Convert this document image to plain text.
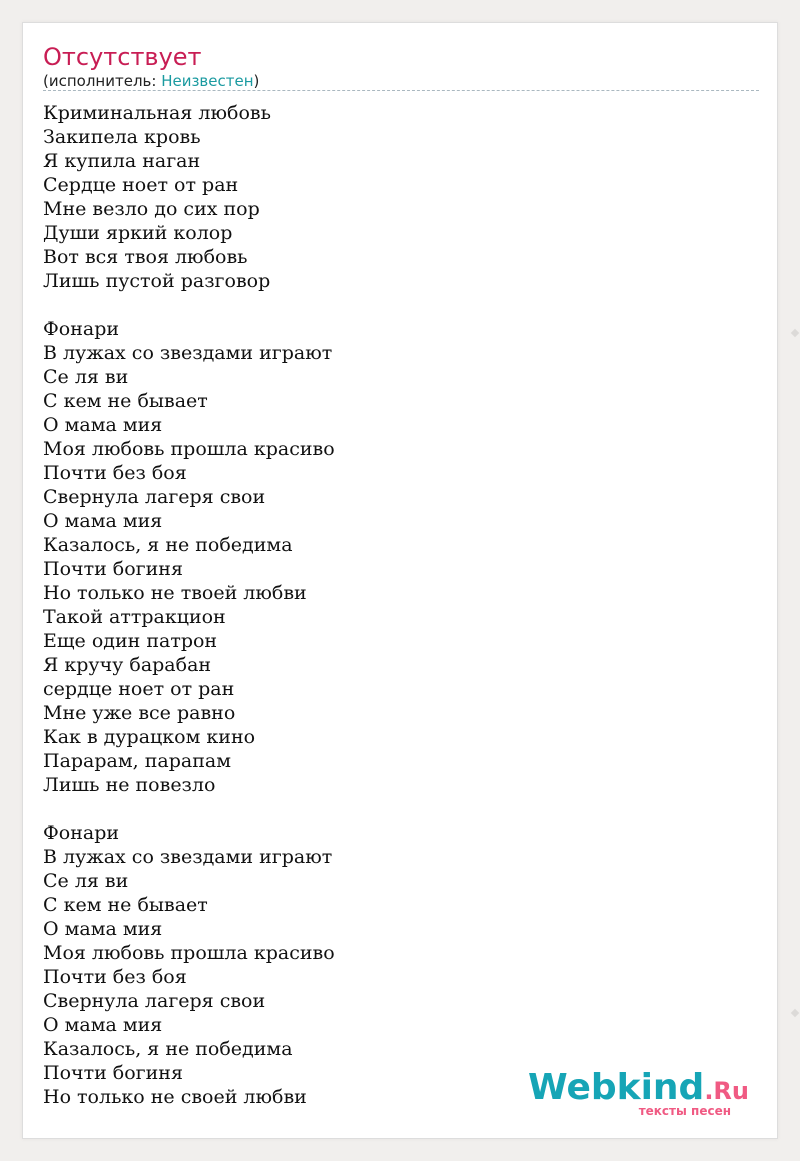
Отсутствует
(исполнитель: Неизвестен)
Криминальная любовь
Закипела кровь
Я купила наган
Сердце ноет от ран
Мне везло до сих пор
Души яркий колор
Вот вся твоя любовь
Лишь пустой разговор
Фонари
В лужах со звездами играют
Се ля ви
С кем не бывает
О мама мия
Моя любовь прошла красиво
Почти без боя
Свернула лагеря свои
О мама мия
Казалось, я не победима
Почти богиня
Но только не твоей любви
Такой аттракцион
Еще один патрон
Я кручу барабан
сердце ноет от ран
Мне уже все равно
Как в дурацком кино
Парарам, парапам
Лишь не повезло
Фонари
В лужах со звездами играют
Се ля ви
С кем не бывает
О мама мия
Моя любовь прошла красиво
Почти без боя
Свернула лагеря свои
О мама мия
Казалось, я не победима
Почти богиня
Но только не своей любви	Webkind.Ru
тексты песен
